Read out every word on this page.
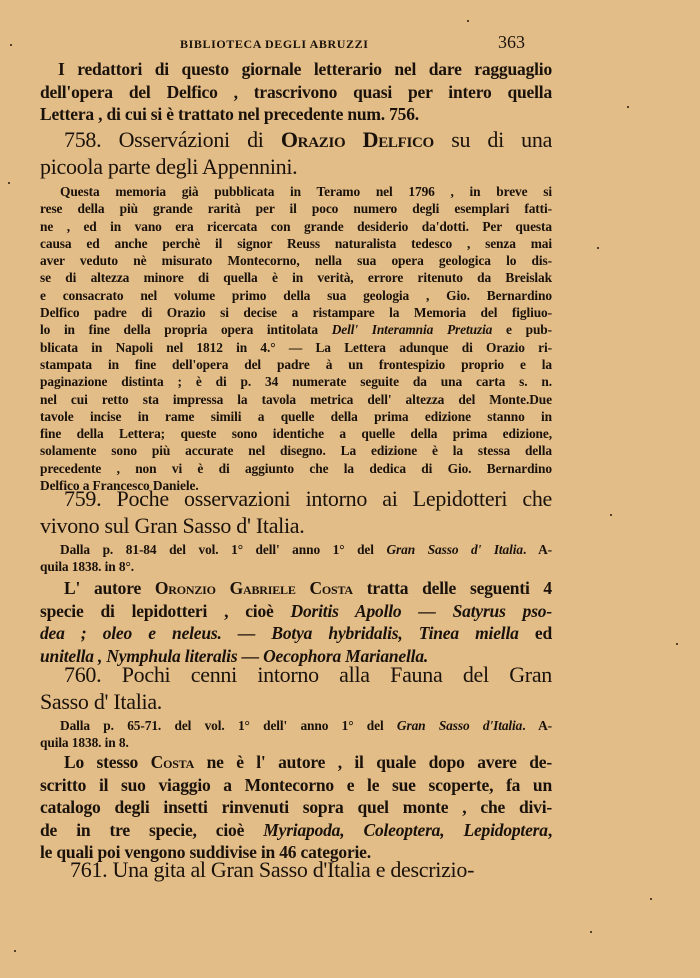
BIBLIOTECA DEGLI ABRUZZI	363
I redattori di questo giornale letterario nel dare ragguaglio
dell'opera del Delfico , trascrivono quasi per intero quella
Lettera , di cui si è trattato nel precedente num. 756.
758. Osservázioni di Orazio Delfico su di una
picoola parte degli Appennini.
Questa memoria già pubblicata in Teramo nel 1796 , in breve si
rese della più grande rarità per il poco numero degli esemplari fatti-
ne , ed in vano era ricercata con grande desiderio da'dotti. Per questa
causa ed anche perchè il signor Reuss naturalista tedesco , senza mai
aver veduto nè misurato Montecorno, nella sua opera geologica lo dis-
se di altezza minore di quella è in verità, errore ritenuto da Breislak
e consacrato nel volume primo della sua geologia , Gio. Bernardino
Delfico padre di Orazio si decise a ristampare la Memoria del figliuo-
lo in fine della propria opera intitolata Dell' Interamnia Pretuzia e pub-
blicata in Napoli nel 1812 in 4.° — La Lettera adunque di Orazio ri-
stampata in fine dell'opera del padre à un frontespizio proprio e la
paginazione distinta ; è di p. 34 numerate seguite da una carta s. n.
nel cui retto sta impressa la tavola metrica dell' altezza del Monte.Due
tavole incise in rame simili a quelle della prima edizione stanno in
fine della Lettera; queste sono identiche a quelle della prima edizione,
solamente sono più accurate nel disegno. La edizione è la stessa della
precedente , non vi è di aggiunto che la dedica di Gio. Bernardino
Delfico a Francesco Daniele.
759. Poche osservazioni intorno ai Lepidotteri che
vivono sul Gran Sasso d' Italia.
Dalla p. 81-84 del vol. 1° dell' anno 1° del Gran Sasso d' Italia. A-
quila 1838. in 8°.
L' autore Oronzio Gabriele Costa tratta delle seguenti 4
specie di lepidotteri , cioè Doritis Apollo — Satyrus pso-
dea ; oleo e neleus. — Botya hybridalis, Tinea miella ed
unitella , Nymphula literalis — Oecophora Marianella.
760. Pochi cenni intorno alla Fauna del Gran
Sasso d' Italia.
Dalla p. 65-71. del vol. 1° dell' anno 1° del Gran Sasso d'Italia. A-
quila 1838. in 8.
Lo stesso Costa ne è l' autore , il quale dopo avere de-
scritto il suo viaggio a Montecorno e le sue scoperte, fa un
catalogo degli insetti rinvenuti sopra quel monte , che divi-
de in tre specie, cioè Myriapoda, Coleoptera, Lepidoptera,
le quali poi vengono suddivise in 46 categorie.
761. Una gita al Gran Sasso d'Italia e descrizio-
